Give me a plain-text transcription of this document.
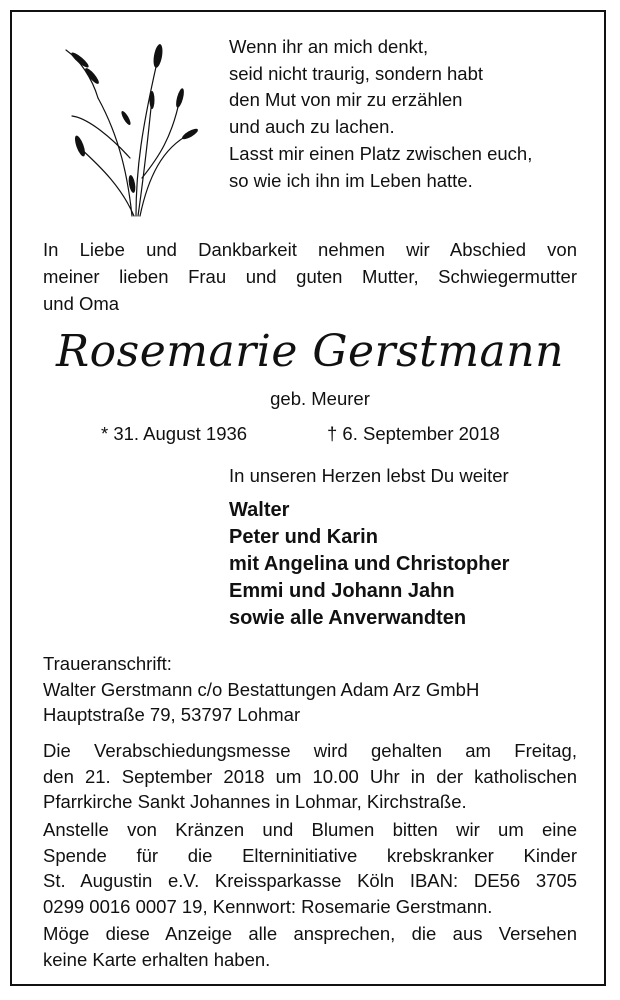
Wenn ihr an mich denkt,
seid nicht traurig, sondern habt
den Mut von mir zu erzählen
und auch zu lachen.
Lasst mir einen Platz zwischen euch,
so wie ich ihn im Leben hatte.
In Liebe und Dankbarkeit nehmen wir Abschied von
meiner lieben Frau und guten Mutter, Schwiegermutter
und Oma
Rosemarie Gerstmann
geb. Meurer
* 31. August 1936	† 6. September 2018
In unseren Herzen lebst Du weiter
Walter
Peter und Karin
mit Angelina und Christopher
Emmi und Johann Jahn
sowie alle Anverwandten
Traueranschrift:
Walter Gerstmann c/o Bestattungen Adam Arz GmbH
Hauptstraße 79, 53797 Lohmar
Die Verabschiedungsmesse wird gehalten am Freitag,
den 21. September 2018 um 10.00 Uhr in der katholischen
Pfarrkirche Sankt Johannes in Lohmar, Kirchstraße.
Anstelle von Kränzen und Blumen bitten wir um eine
Spende für die Elterninitiative krebskranker Kinder
St. Augustin e.V. Kreissparkasse Köln IBAN: DE56 3705
0299 0016 0007 19, Kennwort: Rosemarie Gerstmann.
Möge diese Anzeige alle ansprechen, die aus Versehen
keine Karte erhalten haben.
